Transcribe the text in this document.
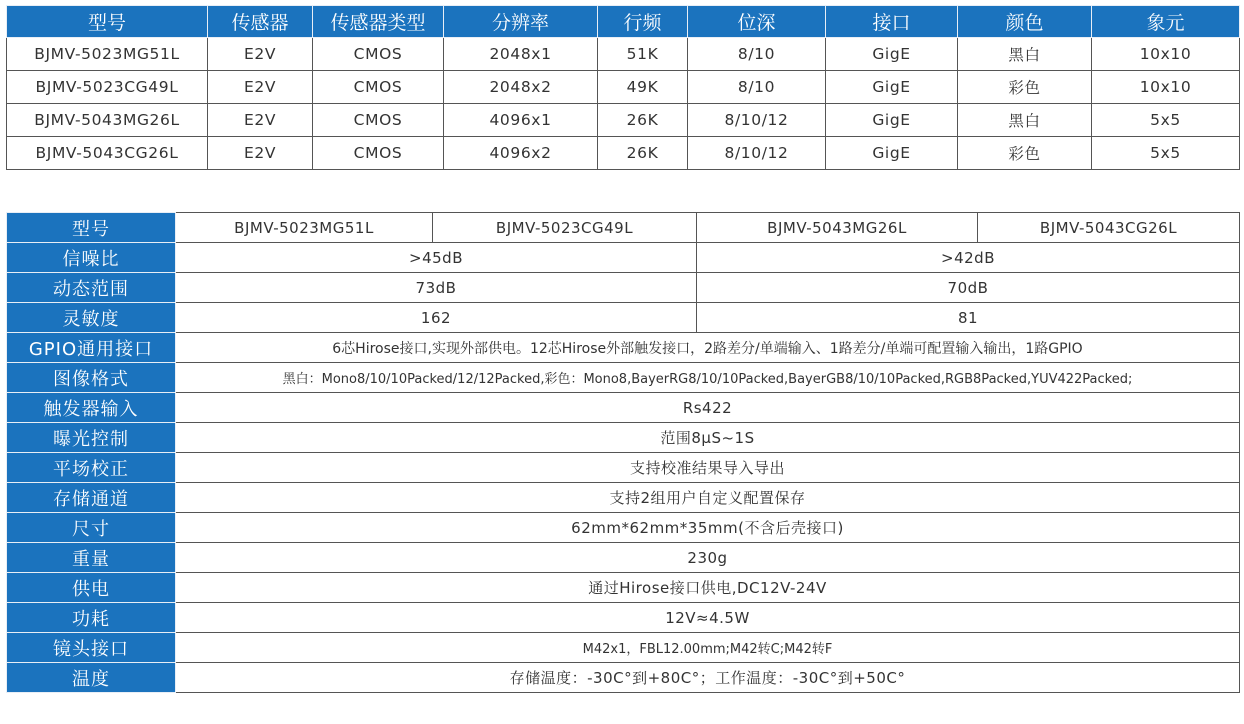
型号	传感器	传感器类型	分辨率	行频	位深	接口	颜色	象元
BJMV-5023MG51L	E2V	CMOS	2048x1	51K	8/10	GigE	黑白	10x10
BJMV-5023CG49L	E2V	CMOS	2048x2	49K	8/10	GigE	彩色	10x10
BJMV-5043MG26L	E2V	CMOS	4096x1	26K	8/10/12	GigE	黑白	5x5
BJMV-5043CG26L	E2V	CMOS	4096x2	26K	8/10/12	GigE	彩色	5x5
型号	BJMV-5023MG51L	BJMV-5023CG49L	BJMV-5043MG26L	BJMV-5043CG26L
信噪比	>45dB		>42dB	
动态范围	73dB		70dB	
灵敏度	162		81	
GPIO通用接口	6芯Hirose接口,实现外部供电。12芯Hirose外部触发接口，2路差分/单端输入、1路差分/单端可配置输入输出，1路GPIO			
图像格式	黑白：Mono8/10/10Packed/12/12Packed,彩色：Mono8,BayerRG8/10/10Packed,BayerGB8/10/10Packed,RGB8Packed,YUV422Packed;			
触发器输入	Rs422			
曝光控制	范围8μS~1S			
平场校正	支持校准结果导入导出			
存储通道	支持2组用户自定义配置保存			
尺寸	62mm*62mm*35mm(不含后壳接口)			
重量	230g			
供电	通过Hirose接口供电,DC12V-24V			
功耗	12V≈4.5W			
镜头接口	M42x1，FBL12.00mm;M42转C;M42转F			
温度	存储温度：-30C°到+80C°；工作温度：-30C°到+50C°			
